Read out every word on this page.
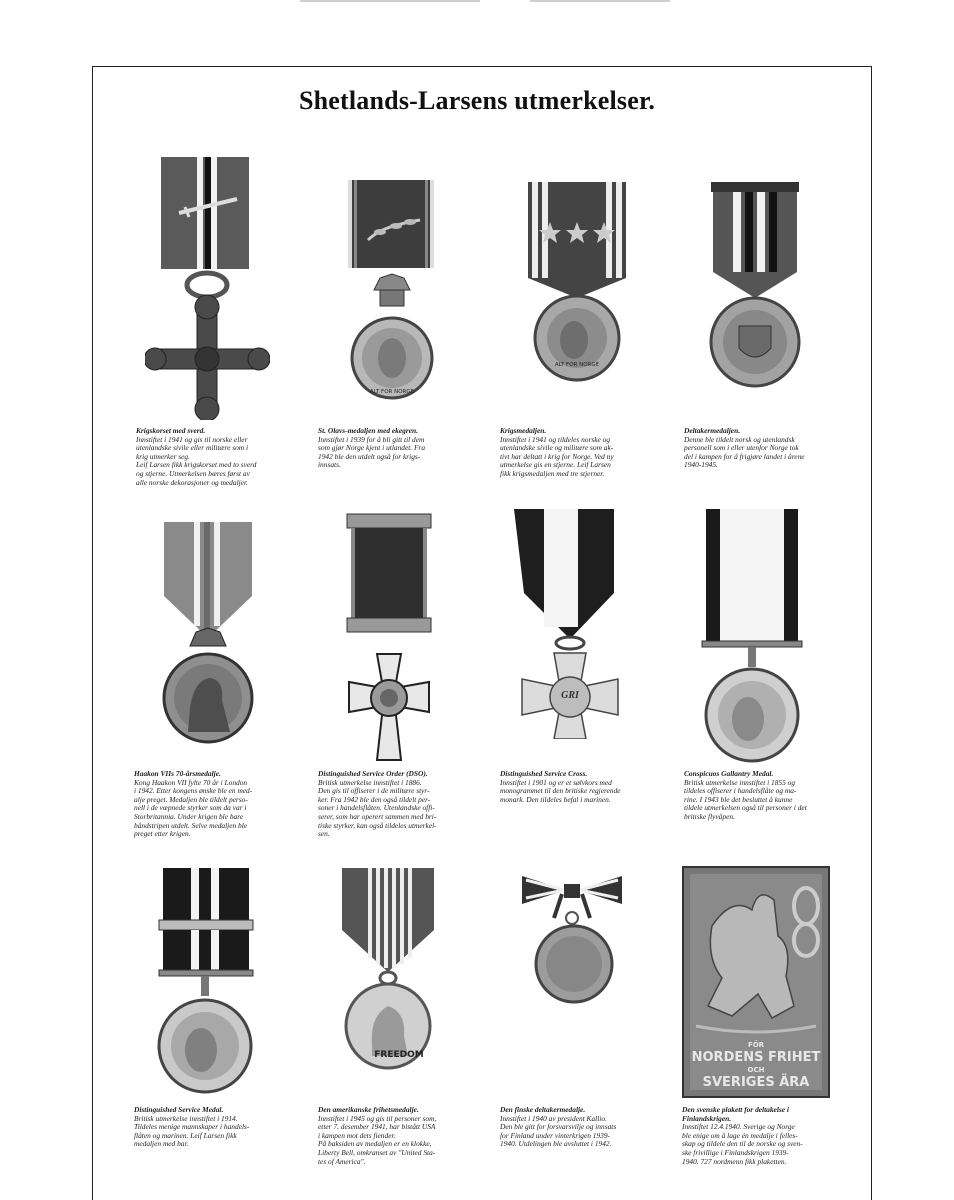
Shetlands-Larsens utmerkelser.
Krigskorset med sverd.
Innstiftet i 1941 og gis til norske eller
utenlandske sivile eller militære som i
krig utmerker seg.
Leif Larsen fikk krigskorset med to sverd
og stjerne. Utmerkelsen bæres først av
alle norske dekorasjoner og medaljer.
St. Olavs-medaljen med ekegren.
Innstiftet i 1939 for å bli gitt til dem
som gjør Norge kjent i utlandet. Fra
1942 ble den utdelt også for krigs-
innsats.
Krigsmedaljen.
Innstiftet i 1941 og tildeles norske og
utenlandske sivile og militære som ak-
tivt har deltatt i krig for Norge. Ved ny
utmerkelse gis en stjerne. Leif Larsen
fikk krigsmedaljen med tre stjerner.
Deltakermedaljen.
Denne ble tildelt norsk og utenlandsk
personell som i eller utenfor Norge tok
del i kampen for å frigjøre landet i årene
1940-1945.
Haakon VIIs 70-årsmedalje.
Kong Haakon VII fylte 70 år i London
i 1942. Etter kongens ønske ble en med-
alje preget. Medaljen ble tildelt perso-
nell i de væpnede styrker som da var i
Storbritannia. Under krigen ble bare
båndstripen utdelt. Selve medaljen ble
preget etter krigen.
Distinguished Service Order (DSO).
Britisk utmerkelse innstiftet i 1886.
Den gis til offiserer i de militære styr-
ker. Fra 1942 ble den også tildelt per-
soner i handelsflåten. Utenlandske offi-
serer, som har operert sammen med bri-
tiske styrker, kan også tildeles utmerkel-
sen.
Distinguished Service Cross.
Innstiftet i 1901 og er et sølvkors med
monogrammet til den britiske regjerende
monark. Den tildeles befal i marinen.
Conspicuos Gallantry Medal.
Britisk utmerkelse innstiftet i 1855 og
tildeles offiserer i handelsflåte og ma-
rine. I 1943 ble det besluttet å kunne
tildele utmerkelsen også til personer i det
britiske flyvåpen.
Distinguished Service Medal.
Britisk utmerkelse innstiftet i 1914.
Tildeles menige mannskaper i handels-
flåten og marinen. Leif Larsen fikk
medaljen med bar.
Den amerikanske frihetsmedalje.
Innstiftet i 1945 og gis til personer som,
etter 7. desember 1941, har bistått USA
i kampen mot dets fiender.
På baksiden av medaljen er en klokke,
Liberty Bell, omkranset av "United Sta-
tes of America".
Den finske deltakermedalje.
Innstiftet i 1940 av president Kallio.
Den ble gitt for forsvarsvilje og innsats
for Finland under vinterkrigen 1939-
1940. Utdelingen ble avsluttet i 1942.
FÖR
NORDENS FRIHET
OCH
SVERIGES ÄRA
Den svenske plakett for deltakelse i Finlandskrigen.
Innstiftet 12.4.1940. Sverige og Norge
ble enige om å lage én medalje i felles-
skap og tildele den til de norske og sven-
ske frivillige i Finlandskrigen 1939-
1940. 727 nordmenn fikk plaketten.
ALT FOR NORGE
ALT FOR NORGE
FREEDOM
GRI
